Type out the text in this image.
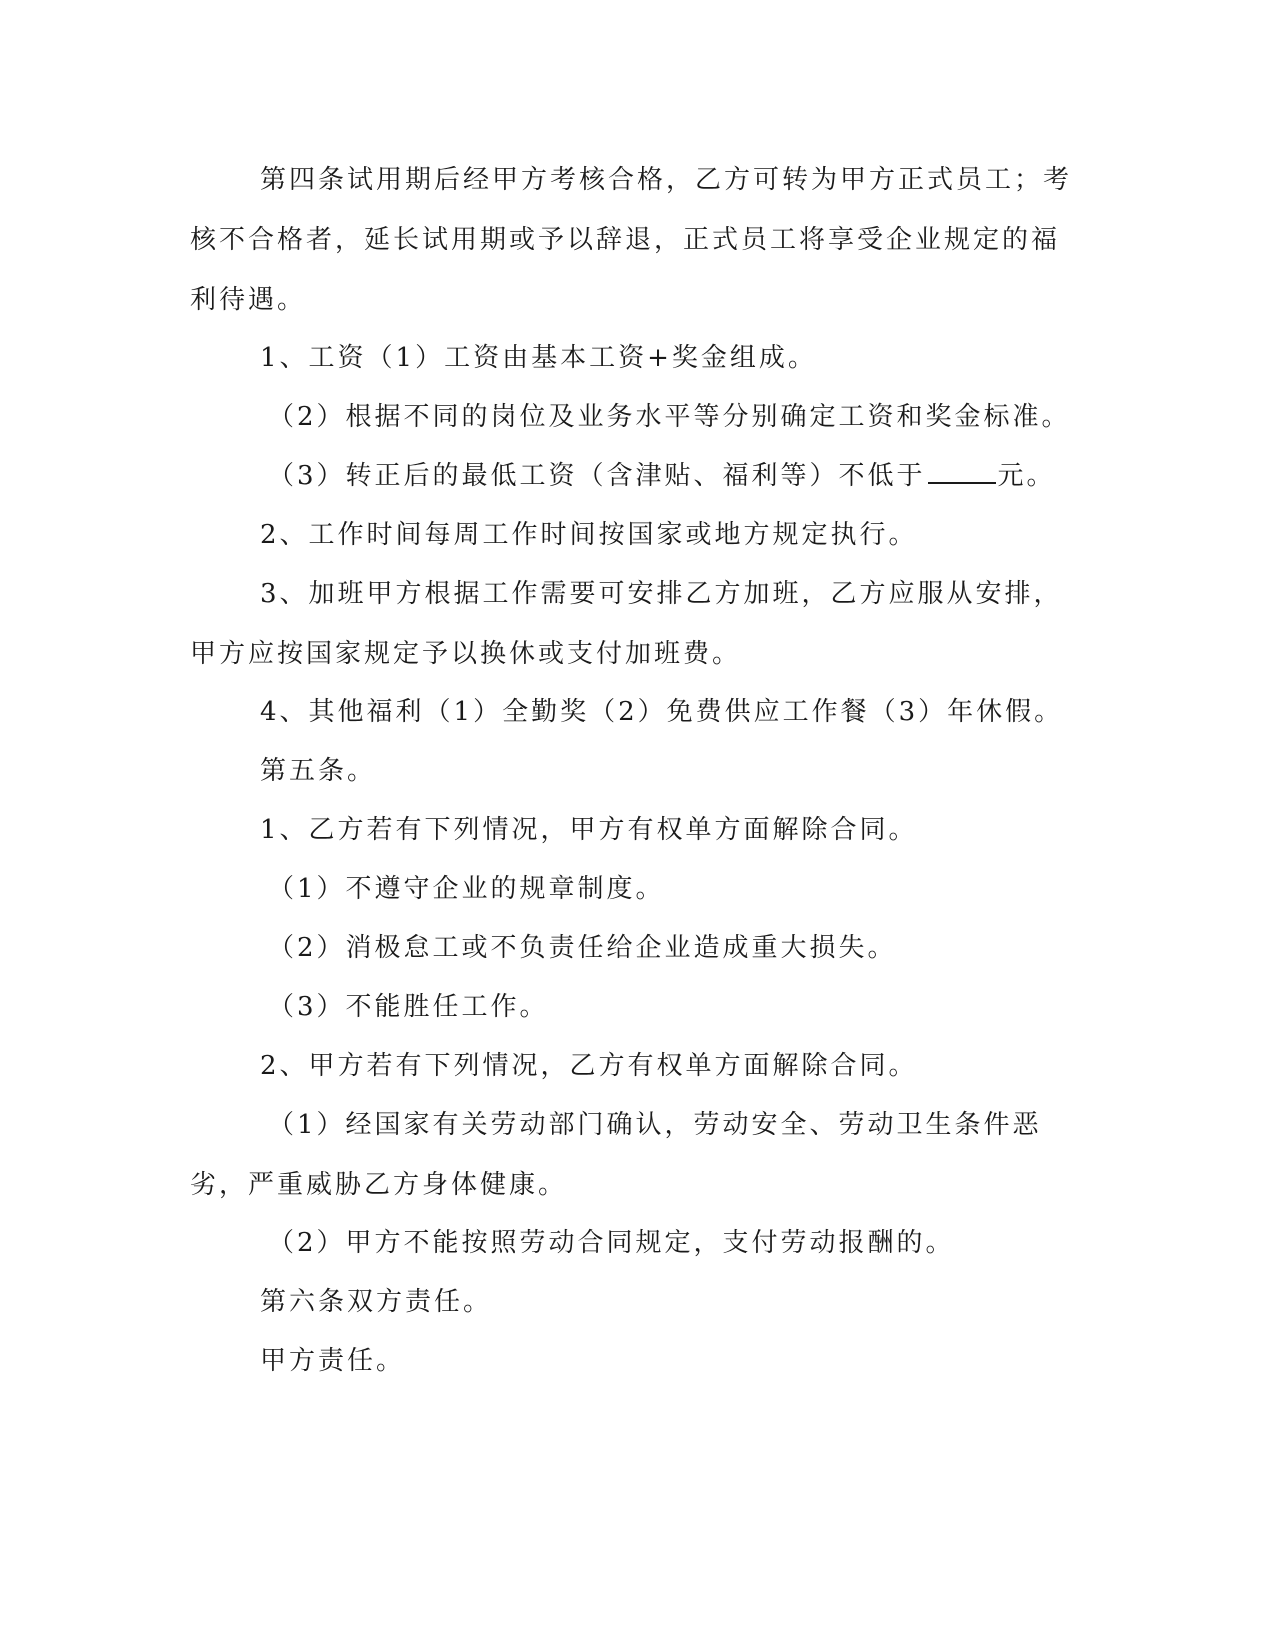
第四条试用期后经甲方考核合格，乙方可转为甲方正式员工；考核不合格者，延长试用期或予以辞退，正式员工将享受企业规定的福利待遇。

1、工资（1）工资由基本工资+奖金组成。

（2）根据不同的岗位及业务水平等分别确定工资和奖金标准。

（3）转正后的最低工资（含津贴、福利等）不低于	元。

2、工作时间每周工作时间按国家或地方规定执行。

3、加班甲方根据工作需要可安排乙方加班，乙方应服从安排，甲方应按国家规定予以换休或支付加班费。

4、其他福利（1）全勤奖（2）免费供应工作餐（3）年休假。

第五条。

1、乙方若有下列情况，甲方有权单方面解除合同。

（1）不遵守企业的规章制度。

（2）消极怠工或不负责任给企业造成重大损失。

（3）不能胜任工作。

2、甲方若有下列情况，乙方有权单方面解除合同。

（1）经国家有关劳动部门确认，劳动安全、劳动卫生条件恶劣，严重威胁乙方身体健康。

（2）甲方不能按照劳动合同规定，支付劳动报酬的。

第六条双方责任。

甲方责任。
